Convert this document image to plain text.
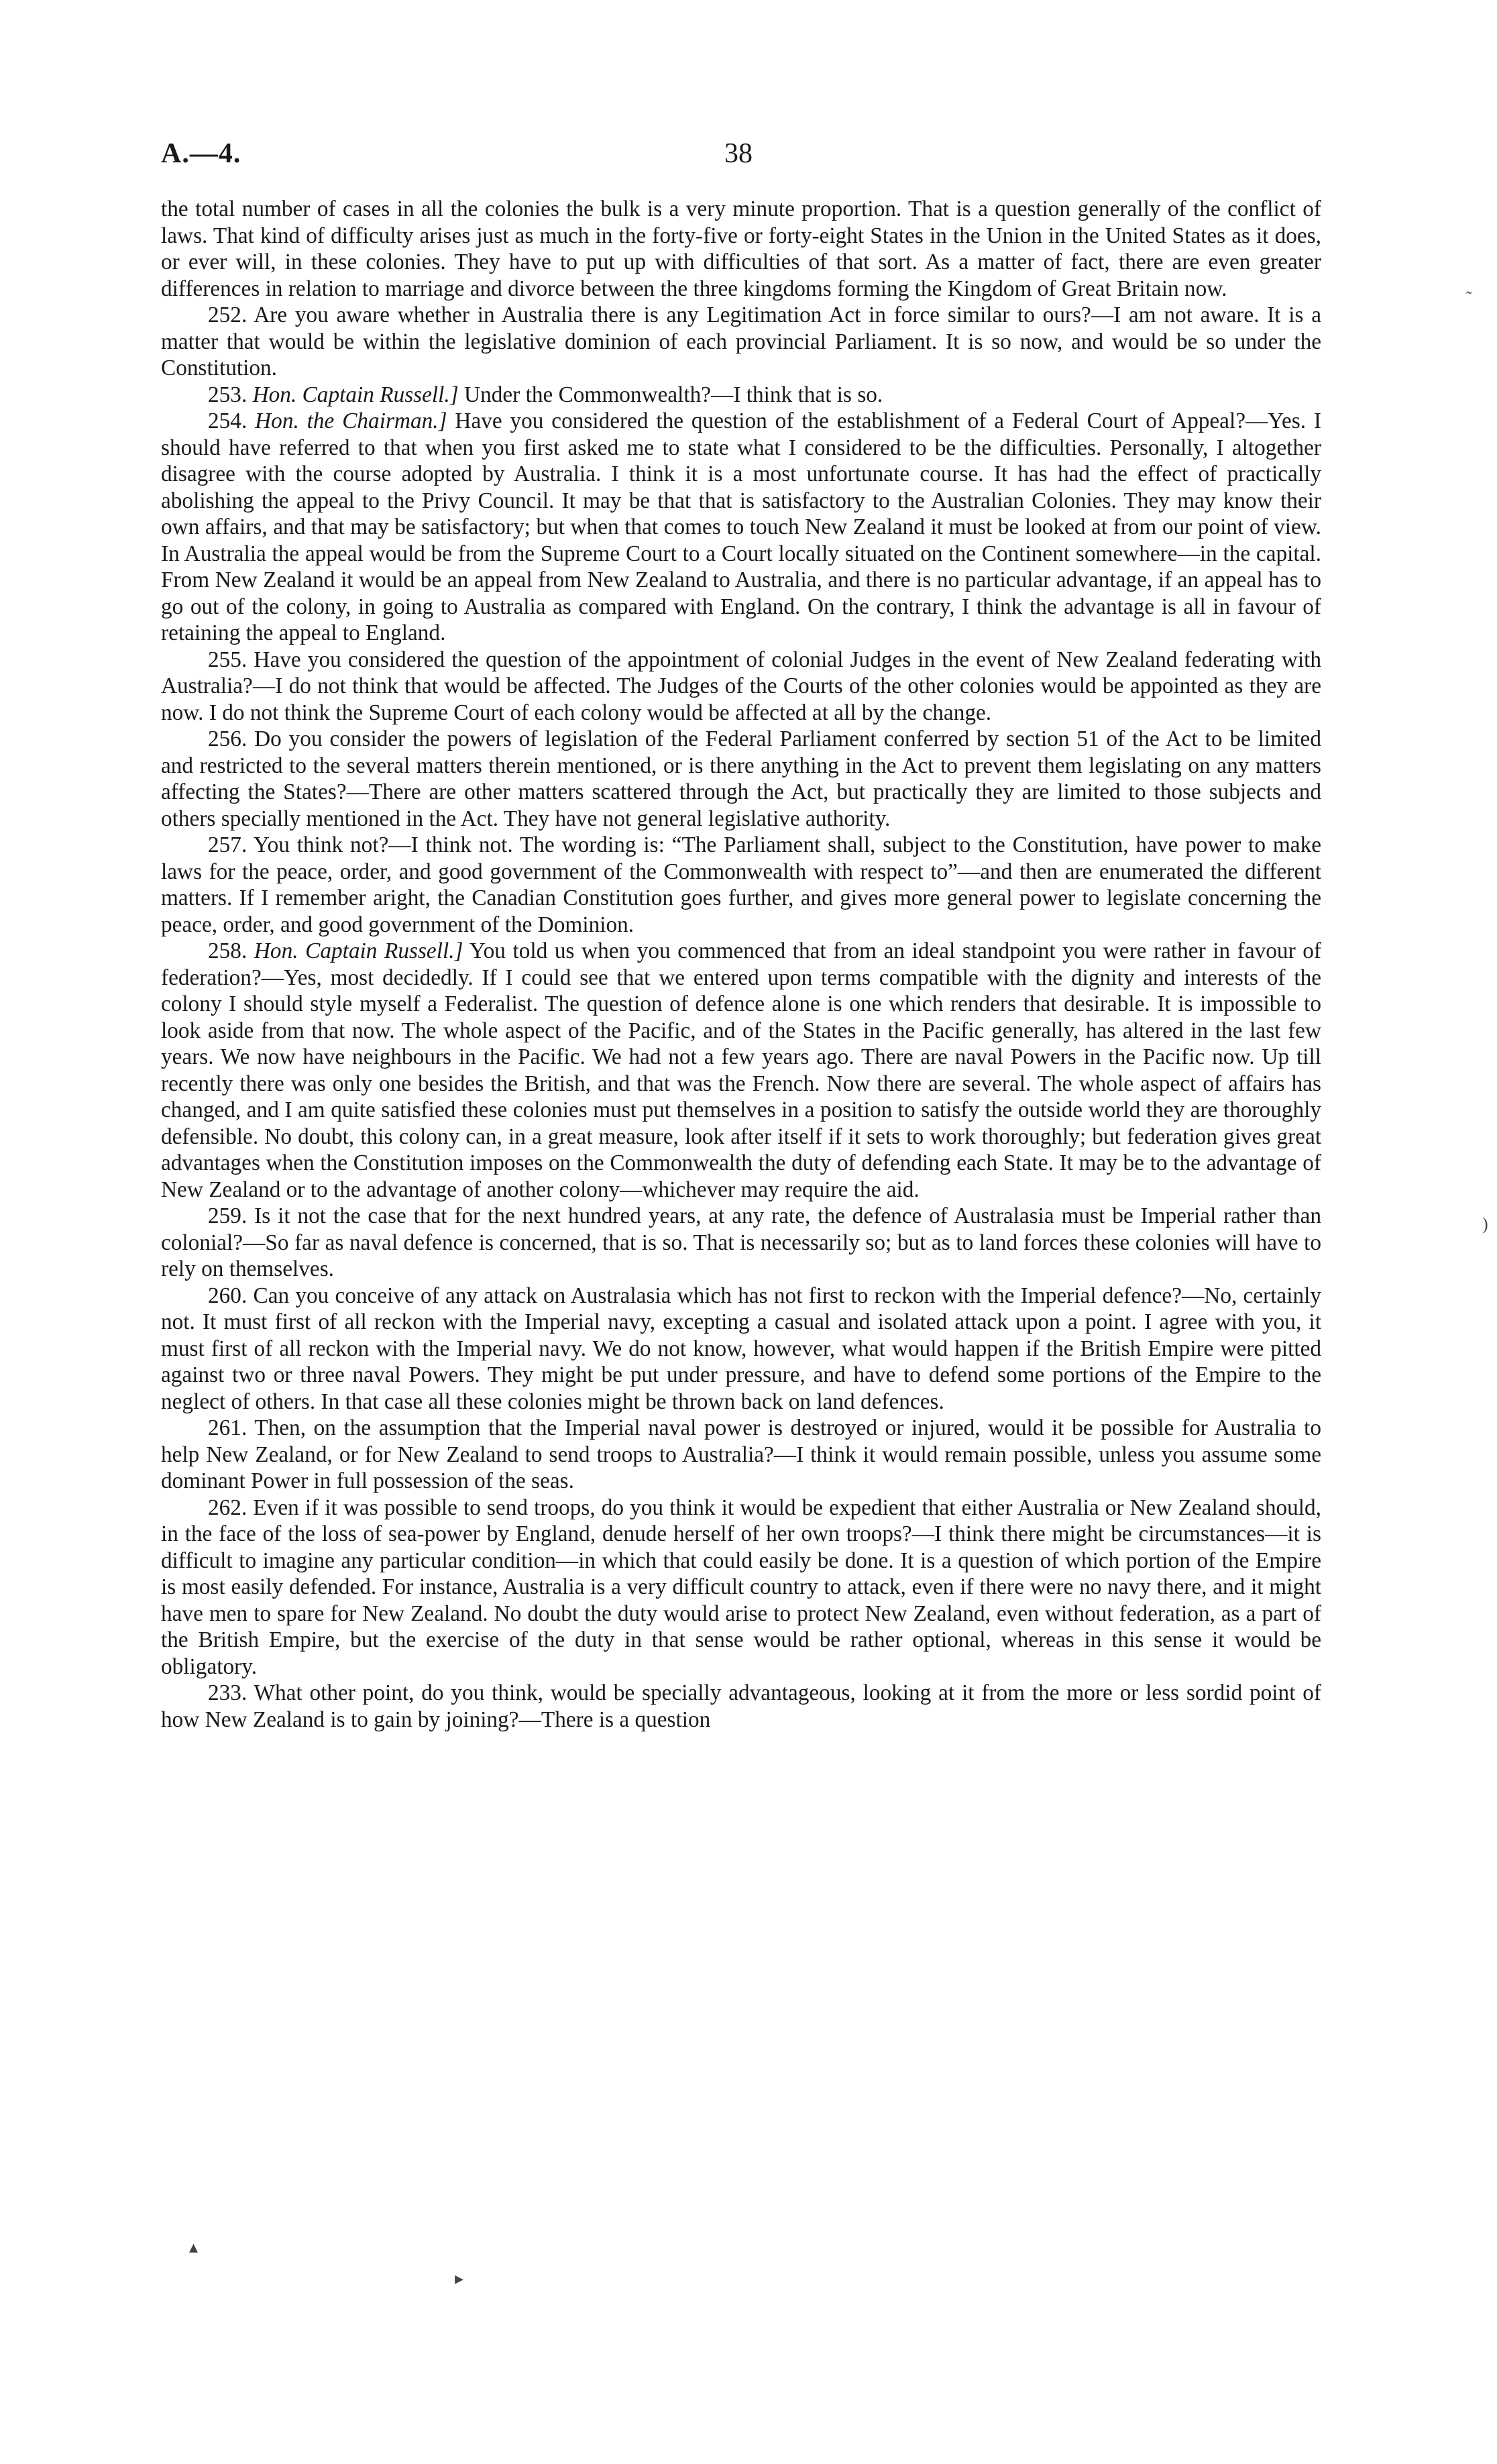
A.—4.	38

the total number of cases in all the colonies the bulk is a very minute proportion. That is a question generally of the conflict of laws. That kind of difficulty arises just as much in the forty-five or forty-eight States in the Union in the United States as it does, or ever will, in these colonies. They have to put up with difficulties of that sort. As a matter of fact, there are even greater differences in relation to marriage and divorce between the three kingdoms forming the Kingdom of Great Britain now.

252. Are you aware whether in Australia there is any Legitimation Act in force similar to ours?—I am not aware. It is a matter that would be within the legislative dominion of each provincial Parliament. It is so now, and would be so under the Constitution.

253. Hon. Captain Russell.] Under the Commonwealth?—I think that is so.

254. Hon. the Chairman.] Have you considered the question of the establishment of a Federal Court of Appeal?—Yes. I should have referred to that when you first asked me to state what I considered to be the difficulties. Personally, I altogether disagree with the course adopted by Australia. I think it is a most unfortunate course. It has had the effect of practically abolishing the appeal to the Privy Council. It may be that that is satisfactory to the Australian Colonies. They may know their own affairs, and that may be satisfactory; but when that comes to touch New Zealand it must be looked at from our point of view. In Australia the appeal would be from the Supreme Court to a Court locally situated on the Continent somewhere—in the capital. From New Zealand it would be an appeal from New Zealand to Australia, and there is no particular advantage, if an appeal has to go out of the colony, in going to Australia as compared with England. On the contrary, I think the advantage is all in favour of retaining the appeal to England.

255. Have you considered the question of the appointment of colonial Judges in the event of New Zealand federating with Australia?—I do not think that would be affected. The Judges of the Courts of the other colonies would be appointed as they are now. I do not think the Supreme Court of each colony would be affected at all by the change.

256. Do you consider the powers of legislation of the Federal Parliament conferred by section 51 of the Act to be limited and restricted to the several matters therein mentioned, or is there anything in the Act to prevent them legislating on any matters affecting the States?—There are other matters scattered through the Act, but practically they are limited to those subjects and others specially mentioned in the Act. They have not general legislative authority.

257. You think not?—I think not. The wording is: “The Parliament shall, subject to the Constitution, have power to make laws for the peace, order, and good government of the Commonwealth with respect to”—and then are enumerated the different matters. If I remember aright, the Canadian Constitution goes further, and gives more general power to legislate concerning the peace, order, and good government of the Dominion.

258. Hon. Captain Russell.] You told us when you commenced that from an ideal standpoint you were rather in favour of federation?—Yes, most decidedly. If I could see that we entered upon terms compatible with the dignity and interests of the colony I should style myself a Federalist. The question of defence alone is one which renders that desirable. It is impossible to look aside from that now. The whole aspect of the Pacific, and of the States in the Pacific generally, has altered in the last few years. We now have neighbours in the Pacific. We had not a few years ago. There are naval Powers in the Pacific now. Up till recently there was only one besides the British, and that was the French. Now there are several. The whole aspect of affairs has changed, and I am quite satisfied these colonies must put themselves in a position to satisfy the outside world they are thoroughly defensible. No doubt, this colony can, in a great measure, look after itself if it sets to work thoroughly; but federation gives great advantages when the Constitution imposes on the Commonwealth the duty of defending each State. It may be to the advantage of New Zealand or to the advantage of another colony—whichever may require the aid.

259. Is it not the case that for the next hundred years, at any rate, the defence of Australasia must be Imperial rather than colonial?—So far as naval defence is concerned, that is so. That is necessarily so; but as to land forces these colonies will have to rely on themselves.

260. Can you conceive of any attack on Australasia which has not first to reckon with the Imperial defence?—No, certainly not. It must first of all reckon with the Imperial navy, excepting a casual and isolated attack upon a point. I agree with you, it must first of all reckon with the Imperial navy. We do not know, however, what would happen if the British Empire were pitted against two or three naval Powers. They might be put under pressure, and have to defend some portions of the Empire to the neglect of others. In that case all these colonies might be thrown back on land defences.

261. Then, on the assumption that the Imperial naval power is destroyed or injured, would it be possible for Australia to help New Zealand, or for New Zealand to send troops to Australia?—I think it would remain possible, unless you assume some dominant Power in full possession of the seas.

262. Even if it was possible to send troops, do you think it would be expedient that either Australia or New Zealand should, in the face of the loss of sea-power by England, denude herself of her own troops?—I think there might be circumstances—it is difficult to imagine any particular condition—in which that could easily be done. It is a question of which portion of the Empire is most easily defended. For instance, Australia is a very difficult country to attack, even if there were no navy there, and it might have men to spare for New Zealand. No doubt the duty would arise to protect New Zealand, even without federation, as a part of the British Empire, but the exercise of the duty in that sense would be rather optional, whereas in this sense it would be obligatory.

233. What other point, do you think, would be specially advantageous, looking at it from the more or less sordid point of how New Zealand is to gain by joining?—There is a question

˷
)
▴
▸
